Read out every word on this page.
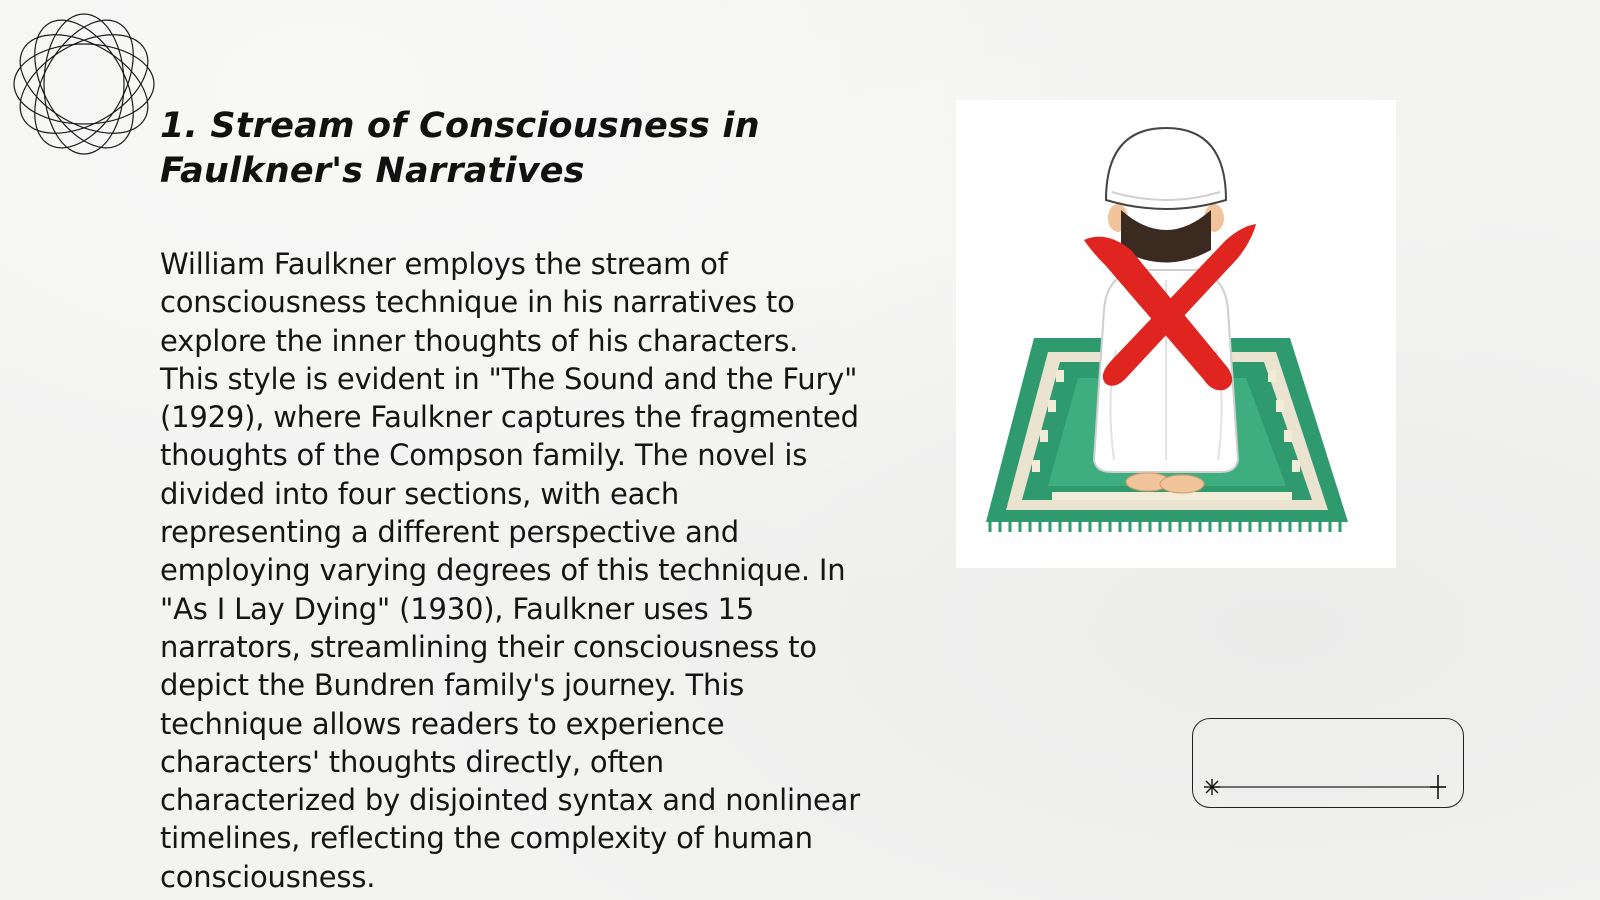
1. Stream of Consciousness in Faulkner's Narratives

William Faulkner employs the stream of consciousness technique in his narratives to explore the inner thoughts of his characters. This style is evident in "The Sound and the Fury" (1929), where Faulkner captures the fragmented thoughts of the Compson family. The novel is divided into four sections, with each representing a different perspective and employing varying degrees of this technique. In "As I Lay Dying" (1930), Faulkner uses 15 narrators, streamlining their consciousness to depict the Bundren family's journey. This technique allows readers to experience characters' thoughts directly, often characterized by disjointed syntax and nonlinear timelines, reflecting the complexity of human consciousness.
